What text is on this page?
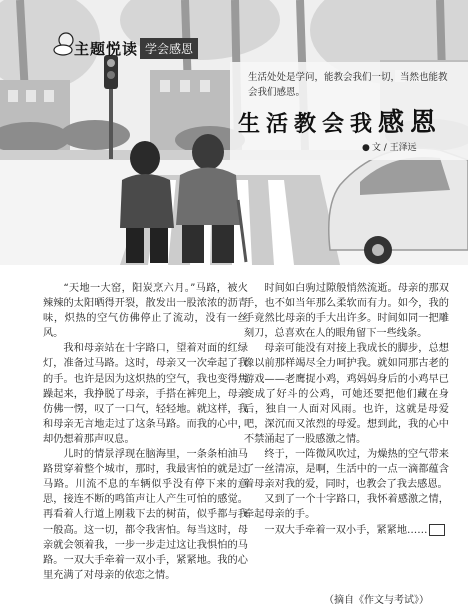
主题悦读 学会感恩
生活处处是学问，能教会我们一切，当然也能教会我们感恩。
生活教会我感恩
● 文 / 王泽远

“天地一大窑，阳炭烹六月。”马路，被火辣辣的太阳晒得开裂，散发出一股浓浓的沥青味，炽热的空气仿佛停止了流动，没有一丝风。

我和母亲站在十字路口，望着对面的红绿灯，准备过马路。这时，母亲又一次牵起了我的手。也许是因为这炽热的空气，我也变得焦躁起来，我挣脱了母亲，手搭在裤兜上，母亲仿佛一愣，叹了一口气，轻轻地。就这样，我和母亲无言地走过了这条马路。而我的心中，却仍想着那声叹息。

儿时的情景浮现在脑海里，一条条柏油马路贯穿着整个城市，那时，我最害怕的就是过马路。川流不息的车辆似乎没有停下来的意思，接连不断的鸣笛声让人产生可怕的感觉。再看着人行道上刚栽下去的树苗，似乎都与我一般高。这一切，都令我害怕。每当这时，母亲就会领着我，一步一步走过这让我惧怕的马路。一双大手牵着一双小手，紧紧地。我的心里充满了对母亲的依恋之情。

时间如白驹过隙般悄然流逝。母亲的那双手，也不如当年那么柔软而有力。如今，我的手竟然比母亲的手大出许多。时间如同一把雕刻刀，总喜欢在人的眼角留下一些线条。

母亲可能没有对接上我成长的脚步，总想像以前那样竭尽全力呵护我。就如同那古老的游戏——老鹰捉小鸡，鸡妈妈身后的小鸡早已变成了好斗的公鸡，可她还要把他们藏在身后，独自一人面对风雨。也许，这就是母爱吧，深沉而又浓烈的母爱。想到此，我的心中不禁涌起了一股感激之情。

终于，一阵微风吹过，为燥热的空气带来了一丝清凉，是啊，生活中的一点一滴都蕴含着母亲对我的爱，同时，也教会了我去感恩。

又到了一个十字路口，我怀着感激之情，牵起母亲的手。

一双大手牵着一双小手，紧紧地……

（摘自《作文与考试》）
